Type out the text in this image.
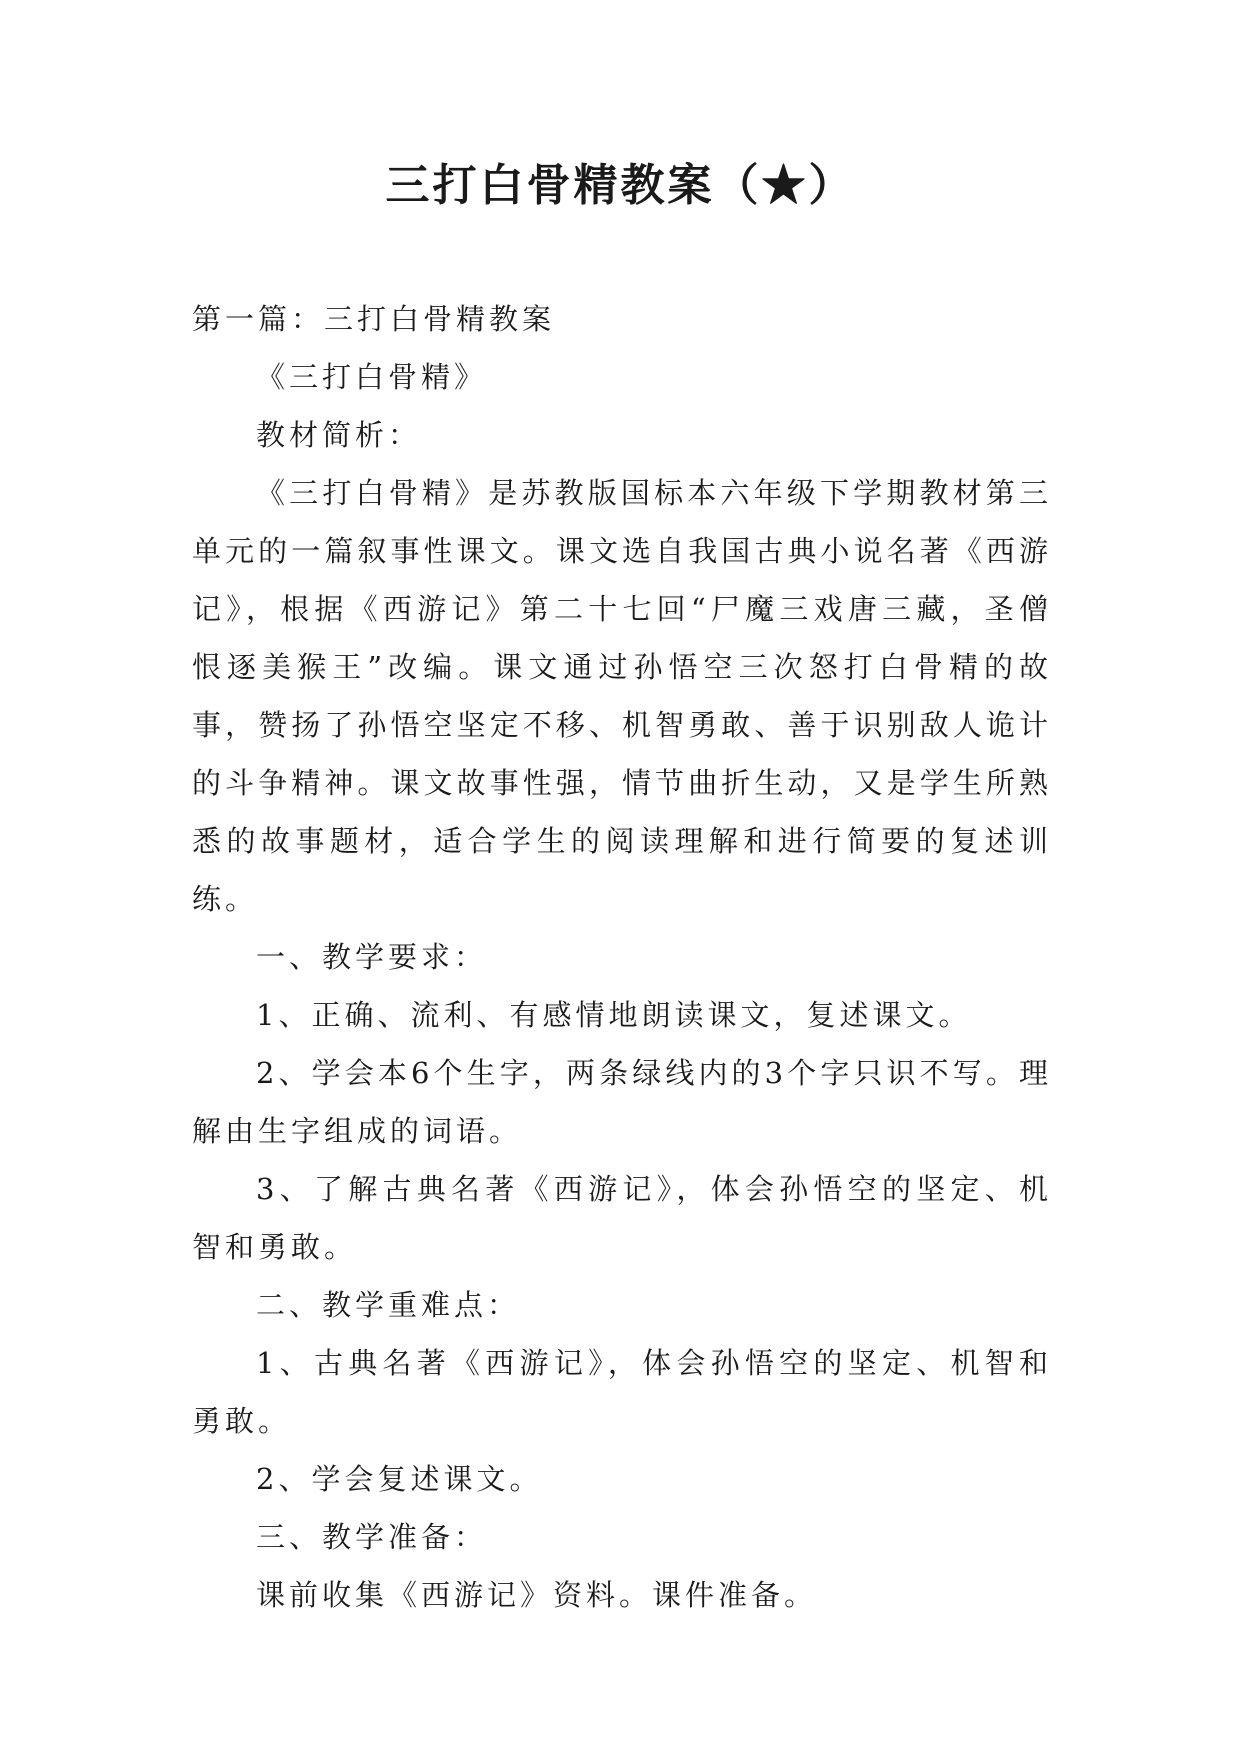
三打白骨精教案（★）

第一篇：三打白骨精教案

《三打白骨精》

教材简析：

《三打白骨精》是苏教版国标本六年级下学期教材第三单元的一篇叙事性课文。课文选自我国古典小说名著《西游记》，根据《西游记》第二十七回“尸魔三戏唐三藏，圣僧恨逐美猴王”改编。课文通过孙悟空三次怒打白骨精的故事，赞扬了孙悟空坚定不移、机智勇敢、善于识别敌人诡计的斗争精神。课文故事性强，情节曲折生动，又是学生所熟悉的故事题材，适合学生的阅读理解和进行简要的复述训练。

一、教学要求：

1、正确、流利、有感情地朗读课文，复述课文。

2、学会本6个生字，两条绿线内的3个字只识不写。理解由生字组成的词语。

3、了解古典名著《西游记》，体会孙悟空的坚定、机智和勇敢。

二、教学重难点：

1、古典名著《西游记》，体会孙悟空的坚定、机智和勇敢。

2、学会复述课文。

三、教学准备：

课前收集《西游记》资料。课件准备。
